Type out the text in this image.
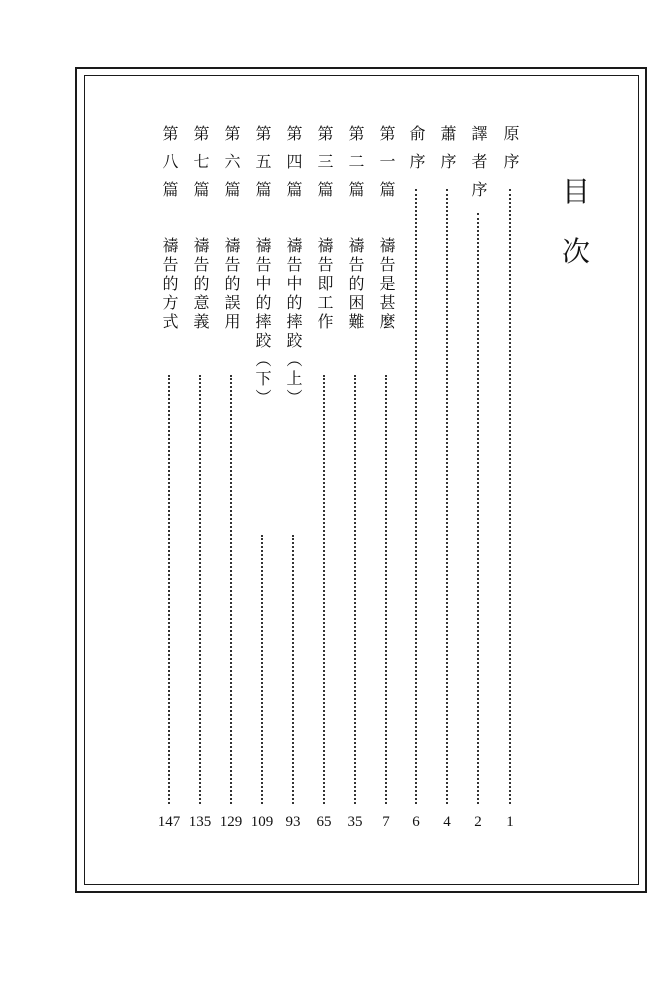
目
次
原序
1
譯者序
2
蕭序
4
俞序
6
第一篇
禱告是甚麼
7
第二篇
禱告的困難
35
第三篇
禱告即工作
65
第四篇
禱告中的摔跤（上）
93
第五篇
禱告中的摔跤（下）
109
第六篇
禱告的誤用
129
第七篇
禱告的意義
135
第八篇
禱告的方式
147
